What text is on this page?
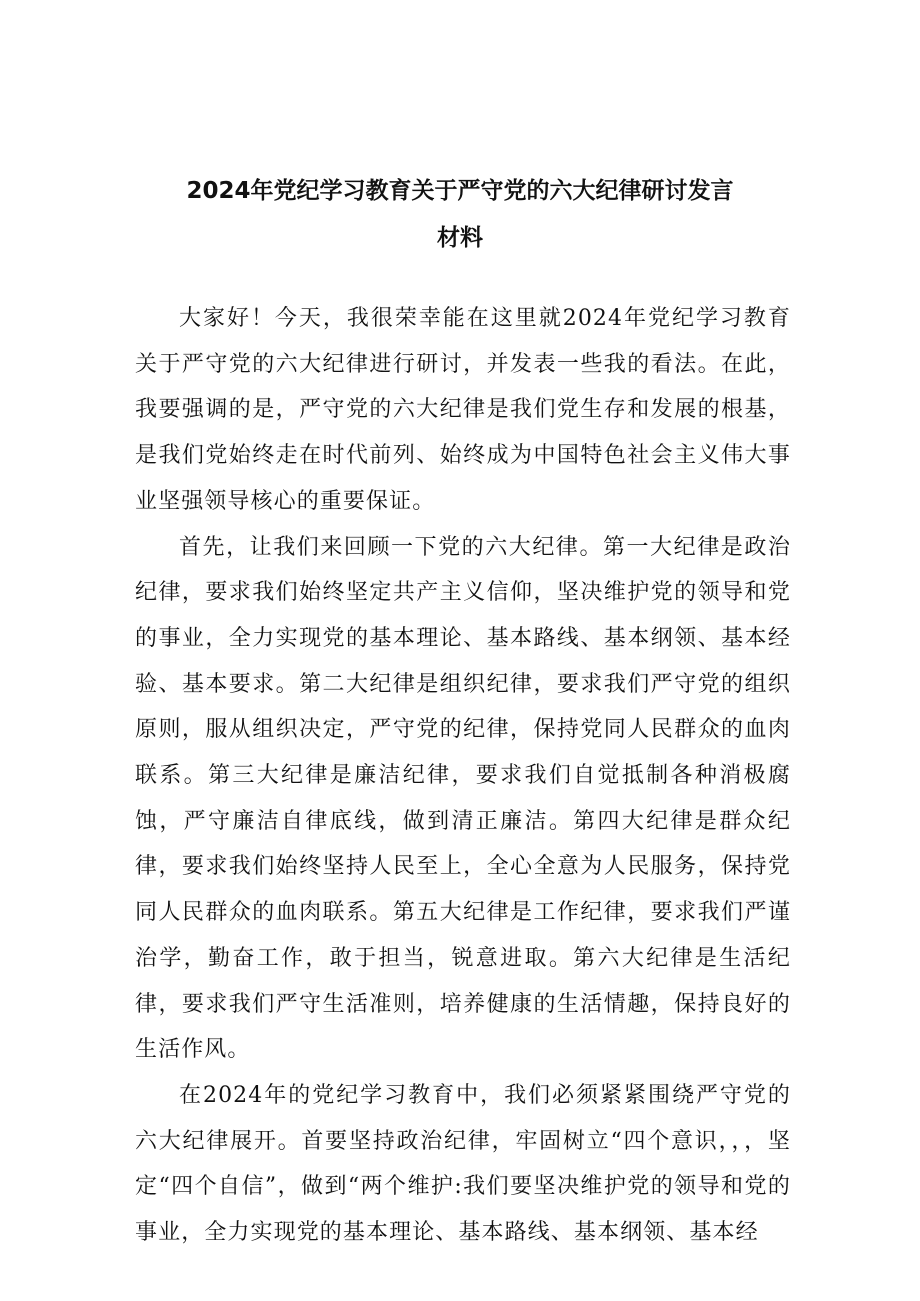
2024年党纪学习教育关于严守党的六大纪律研讨发言
材料

大家好！今天，我很荣幸能在这里就2024年党纪学习教育关于严守党的六大纪律进行研讨，并发表一些我的看法。在此，我要强调的是，严守党的六大纪律是我们党生存和发展的根基，是我们党始终走在时代前列、始终成为中国特色社会主义伟大事业坚强领导核心的重要保证。

首先，让我们来回顾一下党的六大纪律。第一大纪律是政治纪律，要求我们始终坚定共产主义信仰，坚决维护党的领导和党的事业，全力实现党的基本理论、基本路线、基本纲领、基本经验、基本要求。第二大纪律是组织纪律，要求我们严守党的组织原则，服从组织决定，严守党的纪律，保持党同人民群众的血肉联系。第三大纪律是廉洁纪律，要求我们自觉抵制各种消极腐蚀，严守廉洁自律底线，做到清正廉洁。第四大纪律是群众纪律，要求我们始终坚持人民至上，全心全意为人民服务，保持党同人民群众的血肉联系。第五大纪律是工作纪律，要求我们严谨治学，勤奋工作，敢于担当，锐意进取。第六大纪律是生活纪律，要求我们严守生活准则，培养健康的生活情趣，保持良好的生活作风。

在2024年的党纪学习教育中，我们必须紧紧围绕严守党的六大纪律展开。首要坚持政治纪律，牢固树立“四个意识，，，坚定“四个自信”，做到“两个维护:我们要坚决维护党的领导和党的事业，全力实现党的基本理论、基本路线、基本纲领、基本经
